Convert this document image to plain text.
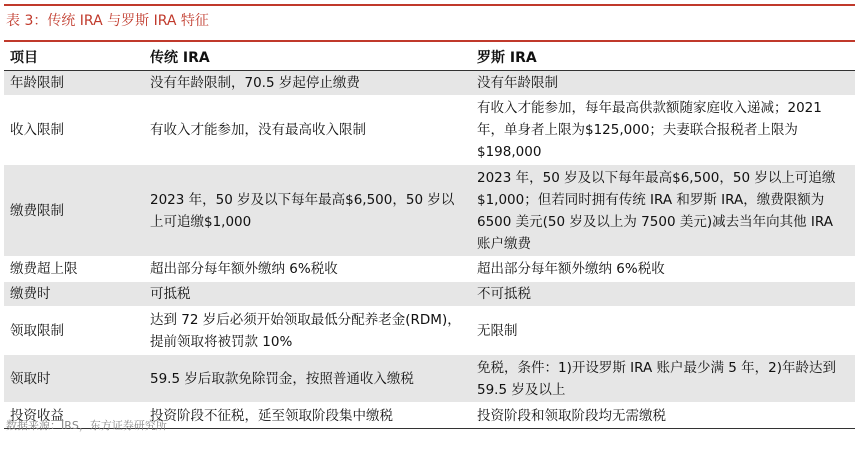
表 3：传统 IRA 与罗斯 IRA 特征
项目	传统 IRA	罗斯 IRA
年龄限制	没有年龄限制，70.5 岁起停止缴费	没有年龄限制
收入限制	有收入才能参加，没有最高收入限制	有收入才能参加，每年最高供款额随家庭收入递减；2021 年，单身者上限为$125,000；夫妻联合报税者上限为$198,000
缴费限制	2023 年，50 岁及以下每年最高$6,500，50 岁以上可追缴$1,000	2023 年，50 岁及以下每年最高$6,500，50 岁以上可追缴$1,000；但若同时拥有传统 IRA 和罗斯 IRA，缴费限额为 6500 美元(50 岁及以上为 7500 美元)减去当年向其他 IRA 账户缴费
缴费超上限	超出部分每年额外缴纳 6%税收	超出部分每年额外缴纳 6%税收
缴费时	可抵税	不可抵税
领取限制	达到 72 岁后必须开始领取最低分配养老金(RDM)，提前领取将被罚款 10%	无限制
领取时	59.5 岁后取款免除罚金，按照普通收入缴税	免税，条件：1)开设罗斯 IRA 账户最少满 5 年，2)年龄达到 59.5 岁及以上
投资收益	投资阶段不征税，延至领取阶段集中缴税	投资阶段和领取阶段均无需缴税
数据来源：IRS，东方证券研究所
